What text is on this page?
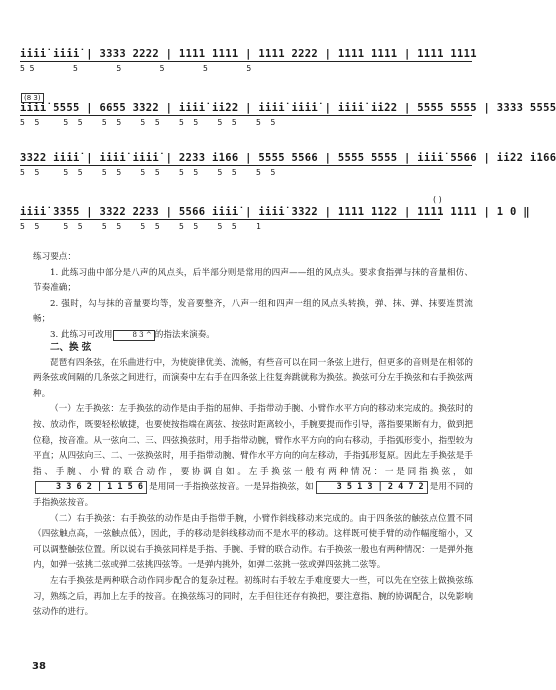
i̇i̇i̇i̇ i̇i̇i̇i̇ | 3333 2222 | 1111 1111 | 1111 2222 | 1111 1111 | 1111 1111
5 5        5        5        5        5        5
(8 3)
i̇i̇i̇i̇ 5555 | 6655 3322 | i̇i̇i̇i̇ i̇i̇22 | i̇i̇i̇i̇ i̇i̇i̇i̇ | i̇i̇i̇i̇ i̇i̇22 | 5555 5555 | 3333 5555
5  5     5  5    5  5    5  5    5  5    5  5    5  5
3322 i̇i̇i̇i̇ | i̇i̇i̇i̇ i̇i̇i̇i̇ | 2233 i̇166 | 5555 5566 | 5555 5555 | i̇i̇i̇i̇ 5566 | i̇i̇22 i̇166
5  5     5  5    5  5    5  5    5  5    5  5    5  5
( )
i̇i̇i̇i̇ 3355 | 3322 2233 | 5566 i̇i̇i̇i̇ | i̇i̇i̇i̇ 3322 | 1111 1122 | 1111 1111 | 1 0 ‖
5  5     5  5    5  5    5  5    5  5    5  5    1

练习要点：

1. 此练习曲中部分是八声的风点头，后半部分则是常用的四声——组的风点头。要求食指弹与抹的音量相仿、节奏准确；

2. 强时，勾与抹的音量要均等，发音要整齐，八声一组和四声一组的风点头转换，弹、抹、弹、抹要连贯流畅；

3. 此练习可改用	8 3 ^ 的指法来演奏。

二、换 弦

琵琶有四条弦，在乐曲进行中，为使旋律优美、流畅，有些音可以在同一条弦上进行，但更多的音则是在相邻的两条弦或间隔的几条弦之间进行，而演奏中左右手在四条弦上往复奔跳就称为换弦。换弦可分左手换弦和右手换弦两种。

（一）左手换弦：左手换弦的动作是由手指的屈伸、手指带动手腕、小臂作水平方向的移动来完成的。换弦时的按、放动作，既要轻松敏捷，也要使按指端在离弦、按弦时距离较小，手腕要提而作引导，落指要果断有力，做到把位稳，按音准。从一弦向二、三、四弦换弦时，用手指带动腕，臂作水平方向的向右移动，手指弧形变小，指型较为平直；从四弦向三、二、一弦换弦时，用手指带动腕、臂作水平方向的向左移动，手指弧形复原。因此左手换弦是手指、手腕、小臂的联合动作，要协调自如。左手换弦一般有两种情况：一是同指换弦，如3 3 6 2 | 1 1 5 6 是用同一手指换弦按音。一是异指换弦，如	3 5 1 3 | 2 4 7 2 是用不同的手指换弦按音。

（二）右手换弦：右手换弦的动作是由手指带手腕，小臂作斜线移动来完成的。由于四条弦的触弦点位置不同（四弦触点高，一弦触点低），因此，手的移动是斜线移动而不是水平的移动。这样既可使手臂的动作幅度缩小，又可以调整触弦位置。所以说右手换弦同样是手指、手腕、手臂的联合动作。右手换弦一般也有两种情况：一是弹外拖内，如弹一弦挑二弦或弹二弦挑四弦等。一是弹内挑外，如弹二弦挑一弦或弹四弦挑二弦等。

左右手换弦是两种联合动作同步配合的复杂过程。初练时右手较左手难度要大一些，可以先在空弦上做换弦练习，熟练之后，再加上左手的按音。在换弦练习的同时，左手但往还存有换把，要注意指、腕的协调配合，以免影响弦动作的进行。

38
